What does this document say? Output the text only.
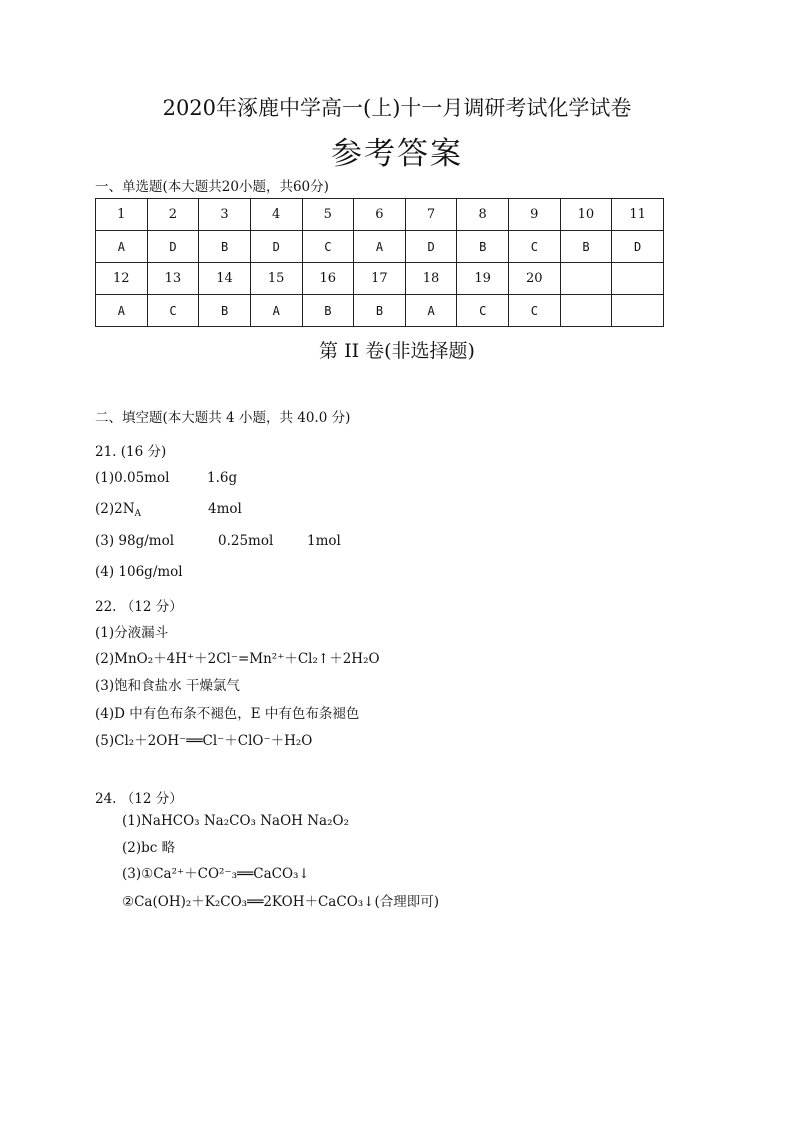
2020年涿鹿中学高一(上)十一月调研考试化学试卷
参考答案
一、单选题(本大题共20小题，共60分)
1	2	3	4	5	6	7	8	9	10	11
A	D	B	D	C	A	D	B	C	B	D
12	13	14	15	16	17	18	19	20		
A	C	B	A	B	B	A	C	C		
第 II 卷(非选择题)
二、填空题(本大题共 4 小题，共 40.0 分)
21. (16 分)
(1)0.05mol	1.6g
$(2)2N_A$	4mol
(3) 98g/mol	0.25mol 1mol
(4) 106g/mol
22. （12 分）
(1)分液漏斗
(2)MnO₂＋4H⁺＋2Cl⁻=Mn²⁺＋Cl₂↑＋2H₂O
(3)饱和食盐水 干燥氯气
(4)D 中有色布条不褪色，E 中有色布条褪色
(5)Cl₂＋2OH⁻══Cl⁻＋ClO⁻＋H₂O
24. （12 分）
(1)NaHCO₃ Na₂CO₃ NaOH Na₂O₂
(2)bc 略
(3)①Ca²⁺＋CO²⁻₃══CaCO₃↓
②Ca(OH)₂＋K₂CO₃══2KOH＋CaCO₃↓(合理即可)
